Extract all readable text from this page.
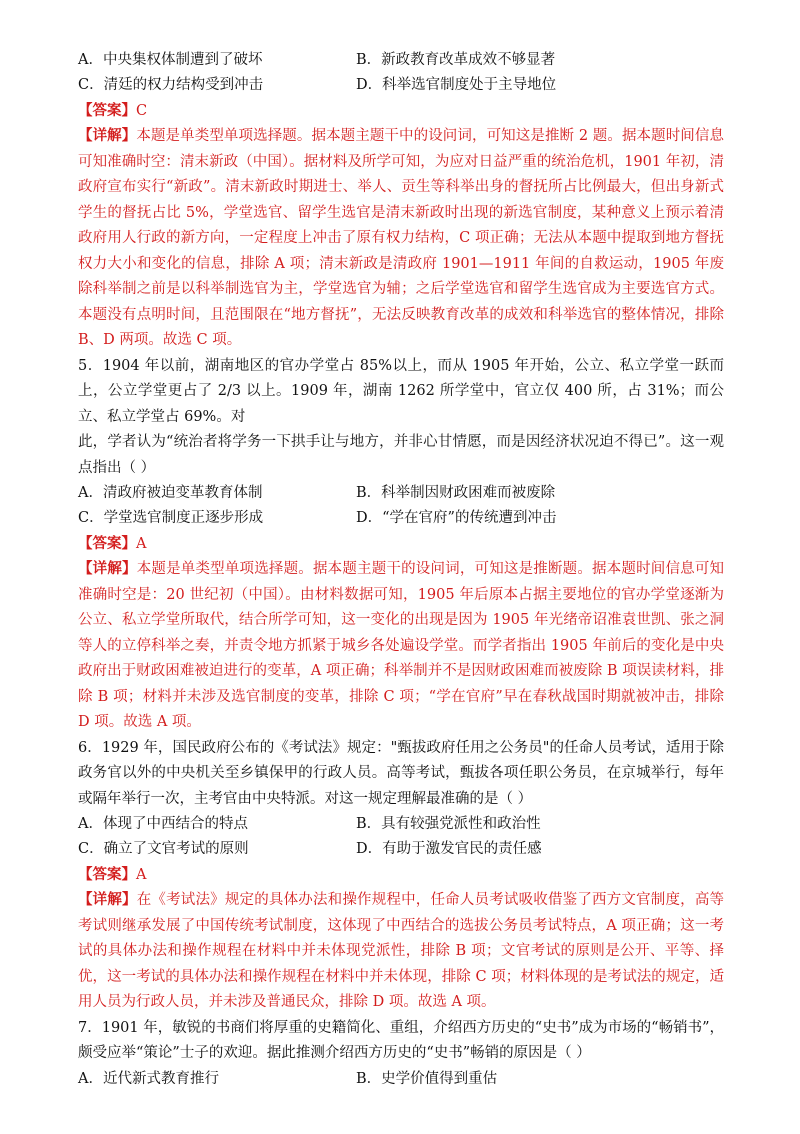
A．中央集权体制遭到了破坏	B．新政教育改革成效不够显著
C．清廷的权力结构受到冲击	D．科举选官制度处于主导地位
【答案】C

【详解】本题是单类型单项选择题。据本题主题干中的设问词，可知这是推断 2 题。据本题时间信息可知准确时空：清末新政（中国）。据材料及所学可知，为应对日益严重的统治危机，1901 年初，清政府宣布实行“新政”。清末新政时期进士、举人、贡生等科举出身的督抚所占比例最大，但出身新式学生的督抚占比 5%，学堂选官、留学生选官是清末新政时出现的新选官制度，某种意义上预示着清政府用人行政的新方向，一定程度上冲击了原有权力结构，C 项正确；无法从本题中提取到地方督抚权力大小和变化的信息，排除 A 项；清末新政是清政府 1901—1911 年间的自救运动，1905 年废除科举制之前是以科举制选官为主，学堂选官为辅；之后学堂选官和留学生选官成为主要选官方式。本题没有点明时间，且范围限在“地方督抚”，无法反映教育改革的成效和科举选官的整体情况，排除 B、D 两项。故选 C 项。

5．1904 年以前，湖南地区的官办学堂占 85%以上，而从 1905 年开始，公立、私立学堂一跃而上，公立学堂更占了 2/3 以上。1909 年，湖南 1262 所学堂中，官立仅 400 所，占 31%；而公立、私立学堂占 69%。对

此，学者认为“统治者将学务一下拱手让与地方，并非心甘情愿，而是因经济状况迫不得已”。这一观点指出（ ）

A．清政府被迫变革教育体制	B．科举制因财政困难而被废除
C．学堂选官制度正逐步形成	D．“学在官府”的传统遭到冲击
【答案】A

【详解】本题是单类型单项选择题。据本题主题干的设问词，可知这是推断题。据本题时间信息可知准确时空是：20 世纪初（中国）。由材料数据可知，1905 年后原本占据主要地位的官办学堂逐渐为公立、私立学堂所取代，结合所学可知，这一变化的出现是因为 1905 年光绪帝诏准袁世凯、张之洞等人的立停科举之奏，并责令地方抓紧于城乡各处遍设学堂。而学者指出 1905 年前后的变化是中央政府出于财政困难被迫进行的变革，A 项正确；科举制并不是因财政困难而被废除 B 项误读材料，排除 B 项；材料并未涉及选官制度的变革，排除 C 项；“学在官府”早在春秋战国时期就被冲击，排除 D 项。故选 A 项。

6．1929 年，国民政府公布的《考试法》规定："甄拔政府任用之公务员"的任命人员考试，适用于除政务官以外的中央机关至乡镇保甲的行政人员。高等考试，甄拔各项任职公务员，在京城举行，每年或隔年举行一次，主考官由中央特派。对这一规定理解最准确的是（ ）

A．体现了中西结合的特点	B．具有较强党派性和政治性
C．确立了文官考试的原则	D．有助于激发官民的责任感
【答案】A

【详解】在《考试法》规定的具体办法和操作规程中，任命人员考试吸收借鉴了西方文官制度，高等考试则继承发展了中国传统考试制度，这体现了中西结合的选拔公务员考试特点，A 项正确；这一考试的具体办法和操作规程在材料中并未体现党派性，排除 B 项；文官考试的原则是公开、平等、择优，这一考试的具体办法和操作规程在材料中并未体现，排除 C 项；材料体现的是考试法的规定，适用人员为行政人员，并未涉及普通民众，排除 D 项。故选 A 项。

7．1901 年，敏锐的书商们将厚重的史籍简化、重组，介绍西方历史的“史书”成为市场的“畅销书”，颇受应举“策论”士子的欢迎。据此推测介绍西方历史的“史书”畅销的原因是（ ）

A．近代新式教育推行	B．史学价值得到重估
